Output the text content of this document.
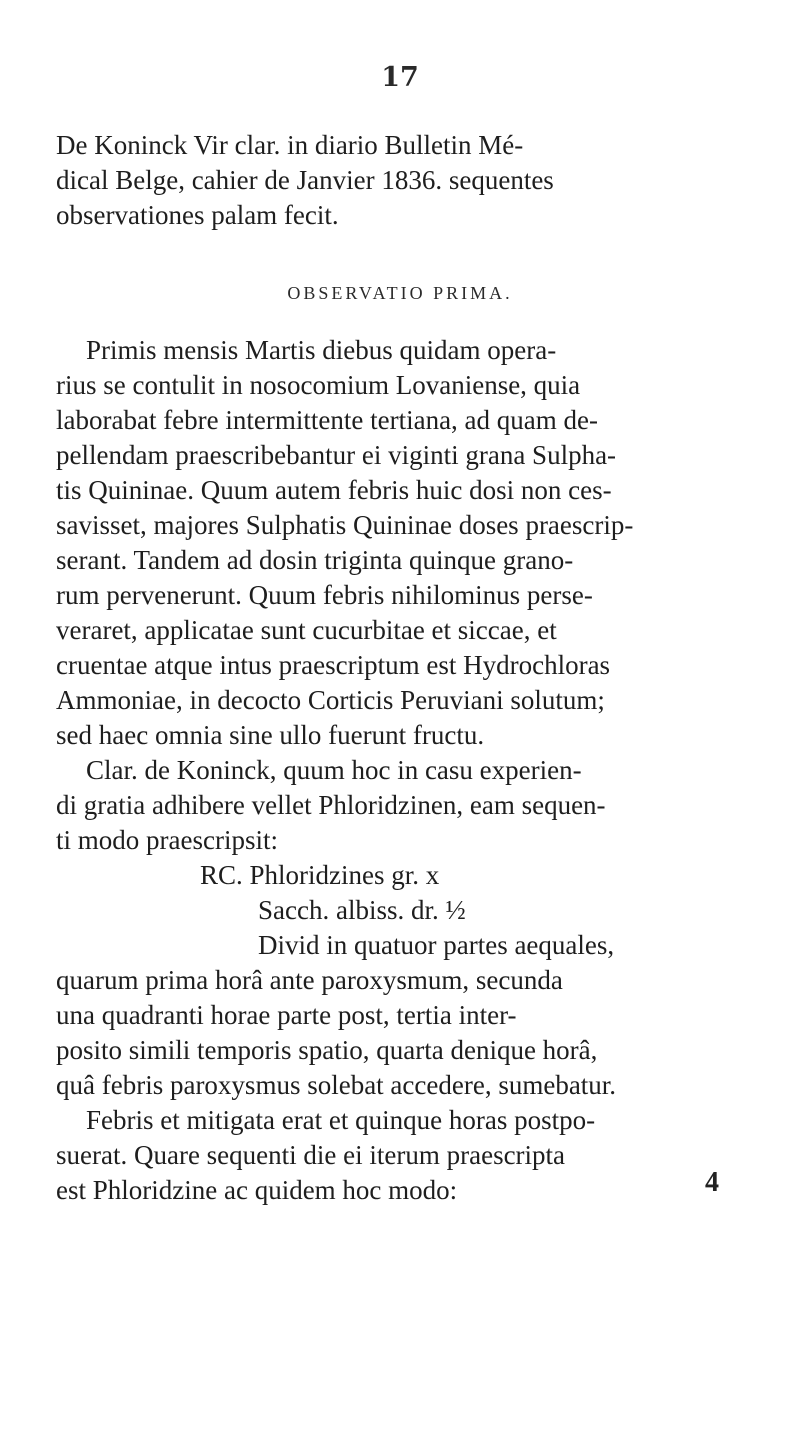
17
De Koninck Vir clar. in diario Bulletin Mé-
dical Belge, cahier de Janvier 1836. sequentes
observationes palam fecit.
OBSERVATIO PRIMA.
Primis mensis Martis diebus quidam opera-
rius se contulit in nosocomium Lovaniense, quia
laborabat febre intermittente tertiana, ad quam de-
pellendam praescribebantur ei viginti grana Sulpha-
tis Quininae. Quum autem febris huic dosi non ces-
savisset, majores Sulphatis Quininae doses praescrip-
serant. Tandem ad dosin triginta quinque grano-
rum pervenerunt. Quum febris nihilominus perse-
veraret, applicatae sunt cucurbitae et siccae, et
cruentae atque intus praescriptum est Hydrochloras
Ammoniae, in decocto Corticis Peruviani solutum;
sed haec omnia sine ullo fuerunt fructu.
Clar. de Koninck, quum hoc in casu experien-
di gratia adhibere vellet Phloridzinen, eam sequen-
ti modo praescripsit:
RC. Phloridzines gr. x
Sacch. albiss. dr. ½
Divid in quatuor partes aequales,
quarum prima horâ ante paroxysmum, secunda
una quadranti horae parte post, tertia inter-
posito simili temporis spatio, quarta denique horâ,
quâ febris paroxysmus solebat accedere, sumebatur.
Febris et mitigata erat et quinque horas postpo-
suerat. Quare sequenti die ei iterum praescripta
est Phloridzine ac quidem hoc modo:	4
